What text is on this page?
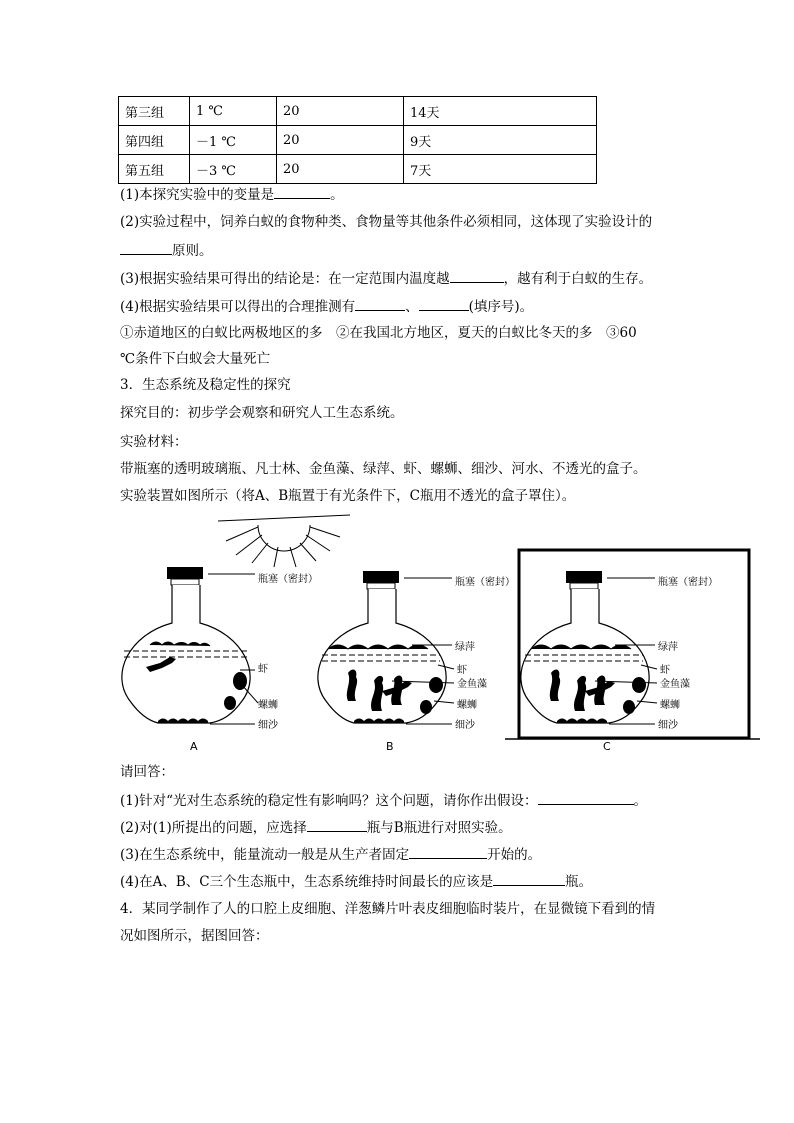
第三组	1 ℃	20	14天
第四组	－1 ℃	20	9天
第五组	－3 ℃	20	7天
(1)本探究实验中的变量是	。
(2)实验过程中，饲养白蚁的食物种类、食物量等其他条件必须相同，这体现了实验设计的
原则。
(3)根据实验结果可得出的结论是：在一定范围内温度越	，越有利于白蚁的生存。
(4)根据实验结果可以得出的合理推测有	、	(填序号)。
①赤道地区的白蚁比两极地区的多　②在我国北方地区，夏天的白蚁比冬天的多　③60
℃条件下白蚁会大量死亡
3．生态系统及稳定性的探究
探究目的：初步学会观察和研究人工生态系统。
实验材料：
带瓶塞的透明玻璃瓶、凡士林、金鱼藻、绿萍、虾、螺蛳、细沙、河水、不透光的盒子。
实验装置如图所示（将A、B瓶置于有光条件下，C瓶用不透光的盒子罩住）。
A	B	C
瓶塞（密封）
虾
螺蛳
细沙
瓶塞（密封）
绿萍
虾
金鱼藻
螺蛳
细沙
瓶塞（密封）
绿萍
虾
金鱼藻
螺蛳
细沙
请回答：
(1)针对“光对生态系统的稳定性有影响吗？这个问题，请你作出假设：	。
(2)对(1)所提出的问题，应选择	瓶与B瓶进行对照实验。
(3)在生态系统中，能量流动一般是从生产者固定	开始的。
(4)在A、B、C三个生态瓶中，生态系统维持时间最长的应该是	瓶。
4．某同学制作了人的口腔上皮细胞、洋葱鳞片叶表皮细胞临时装片，在显微镜下看到的情
况如图所示，据图回答：
